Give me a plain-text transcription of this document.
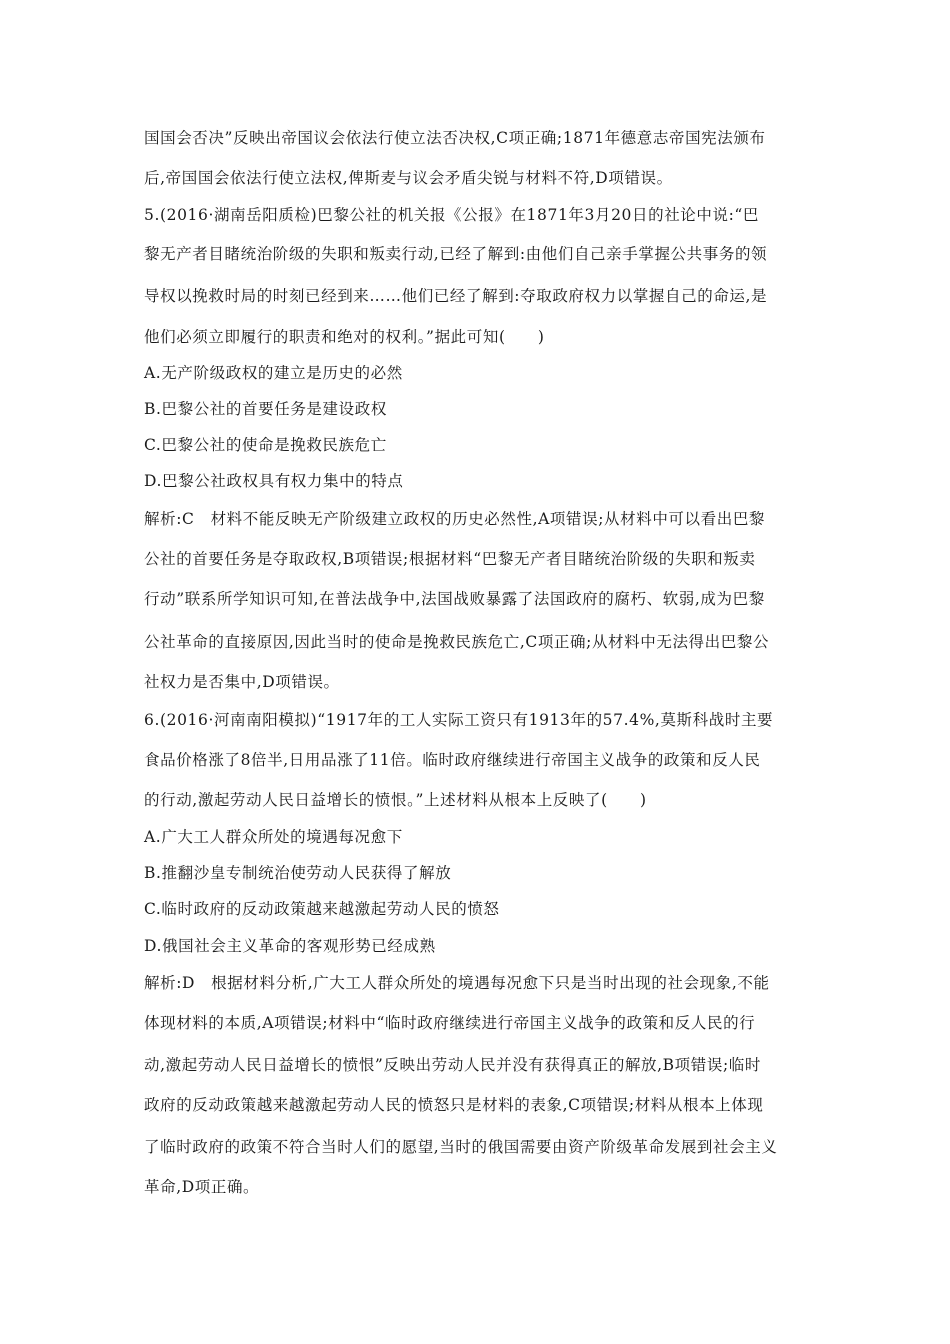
国国会否决”反映出帝国议会依法行使立法否决权,C项正确;1871年德意志帝国宪法颁布
后,帝国国会依法行使立法权,俾斯麦与议会矛盾尖锐与材料不符,D项错误。
5.(2016·湖南岳阳质检)巴黎公社的机关报《公报》在1871年3月20日的社论中说:“巴
黎无产者目睹统治阶级的失职和叛卖行动,已经了解到:由他们自己亲手掌握公共事务的领
导权以挽救时局的时刻已经到来……他们已经了解到:夺取政府权力以掌握自己的命运,是
他们必须立即履行的职责和绝对的权利。”据此可知(　　)
A.无产阶级政权的建立是历史的必然
B.巴黎公社的首要任务是建设政权
C.巴黎公社的使命是挽救民族危亡
D.巴黎公社政权具有权力集中的特点
解析:C　材料不能反映无产阶级建立政权的历史必然性,A项错误;从材料中可以看出巴黎
公社的首要任务是夺取政权,B项错误;根据材料“巴黎无产者目睹统治阶级的失职和叛卖
行动”联系所学知识可知,在普法战争中,法国战败暴露了法国政府的腐朽、软弱,成为巴黎
公社革命的直接原因,因此当时的使命是挽救民族危亡,C项正确;从材料中无法得出巴黎公
社权力是否集中,D项错误。
6.(2016·河南南阳模拟)“1917年的工人实际工资只有1913年的57.4%,莫斯科战时主要
食品价格涨了8倍半,日用品涨了11倍。临时政府继续进行帝国主义战争的政策和反人民
的行动,激起劳动人民日益增长的愤恨。”上述材料从根本上反映了(　　)
A.广大工人群众所处的境遇每况愈下
B.推翻沙皇专制统治使劳动人民获得了解放
C.临时政府的反动政策越来越激起劳动人民的愤怒
D.俄国社会主义革命的客观形势已经成熟
解析:D　根据材料分析,广大工人群众所处的境遇每况愈下只是当时出现的社会现象,不能
体现材料的本质,A项错误;材料中“临时政府继续进行帝国主义战争的政策和反人民的行
动,激起劳动人民日益增长的愤恨”反映出劳动人民并没有获得真正的解放,B项错误;临时
政府的反动政策越来越激起劳动人民的愤怒只是材料的表象,C项错误;材料从根本上体现
了临时政府的政策不符合当时人们的愿望,当时的俄国需要由资产阶级革命发展到社会主义
革命,D项正确。
